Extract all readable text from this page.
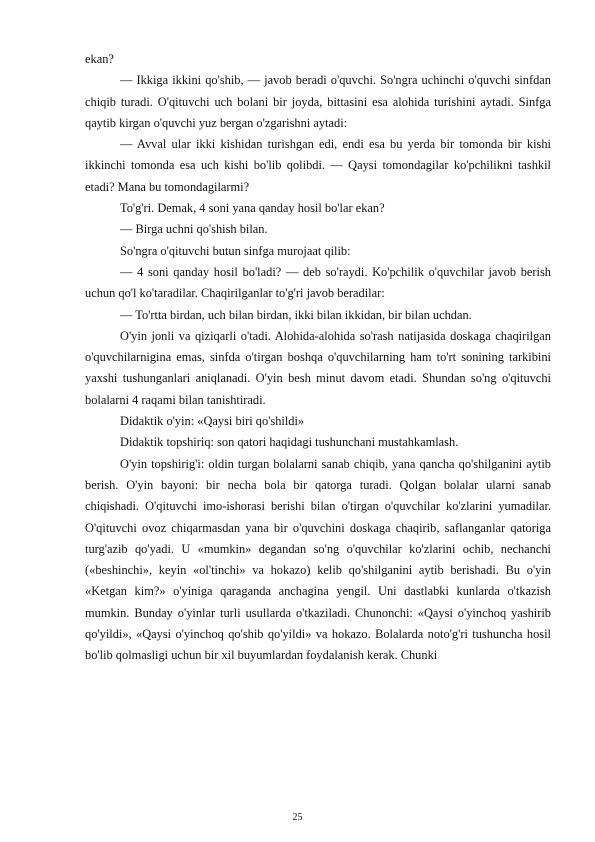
ekan?

— Ikkiga ikkini qo'shib, — javob beradi o'quvchi. So'ngra uchinchi o'quvchi sinfdan chiqib turadi. O'qituvchi uch bolani bir joyda, bittasini esa alohida turishini aytadi. Sinfga qaytib kirgan o'quvchi yuz bergan o'zgarishni aytadi:

— Avval ular ikki kishidan turishgan edi, endi esa bu yerda bir tomonda bir kishi ikkinchi tomonda esa uch kishi bo'lib qolibdi. — Qaysi tomondagilar ko'pchilikni tashkil etadi? Mana bu tomondagilarmi?

To'g'ri. Demak, 4 soni yana qanday hosil bo'lar ekan?

— Birga uchni qo'shish bilan.

So'ngra o'qituvchi butun sinfga murojaat qilib:

— 4 soni qanday hosil bo'ladi? — deb so'raydi. Ko'pchilik o'quvchilar javob berish uchun qo'l ko'taradilar. Chaqirilganlar to'g'ri javob beradilar:

— To'rtta birdan, uch bilan birdan, ikki bilan ikkidan, bir bilan uchdan.

O'yin jonli va qiziqarli o'tadi. Alohida-alohida so'rash natijasida doskaga chaqirilgan o'quvchilarnigina emas, sinfda o'tirgan boshqa o'quvchilarning ham to'rt sonining tarkibini yaxshi tushunganlari aniqlanadi. O'yin besh minut davom etadi. Shundan so'ng o'qituvchi bolalarni 4 raqami bilan tanishtiradi.

Didaktik o'yin: «Qaysi biri qo'shildi»

Didaktik topshiriq: son qatori haqidagi tushunchani mustahkamlash.

O'yin topshirig'i: oldin turgan bolalarni sanab chiqib, yana qancha qo'shilganini aytib berish. O'yin bayoni: bir necha bola bir qatorga turadi. Qolgan bolalar ularni sanab chiqishadi. O'qituvchi imo-ishorasi berishi bilan o'tirgan o'quvchilar ko'zlarini yumadilar. O'qituvchi ovoz chiqarmasdan yana bir o'quvchini doskaga chaqirib, saflanganlar qatoriga turg'azib qo'yadi. U «mumkin» degandan so'ng o'quvchilar ko'zlarini ochib, nechanchi («beshinchi», keyin «ol'tinchi» va hokazo) kelib qo'shilganini aytib berishadi. Bu o'yin «Ketgan kim?» o'yiniga qaraganda anchagina yengil. Uni dastlabki kunlarda o'tkazish mumkin. Bunday o'yinlar turli usullarda o'tkaziladi. Chunonchi: «Qaysi o'yinchoq yashirib qo'yildi», «Qaysi o'yinchoq qo'shib qo'yildi» va hokazo. Bolalarda noto'g'ri tushuncha hosil bo'lib qolmasligi uchun bir xil buyumlardan foydalanish kerak. Chunki

25
